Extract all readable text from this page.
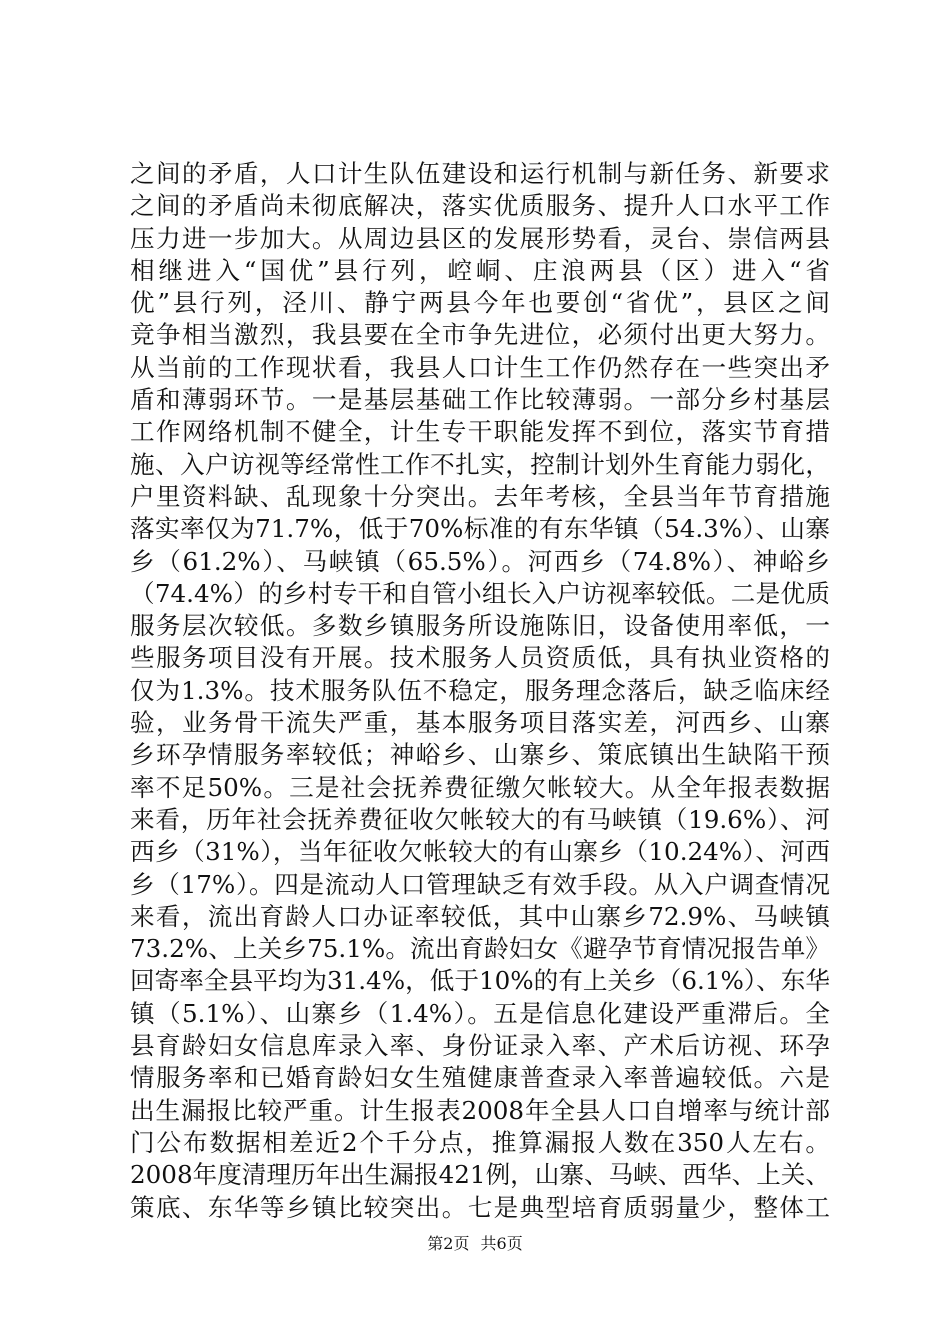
之间的矛盾，人口计生队伍建设和运行机制与新任务、新要求
之间的矛盾尚未彻底解决，落实优质服务、提升人口水平工作
压力进一步加大。从周边县区的发展形势看，灵台、崇信两县
相继进入“国优”县行列，崆峒、庄浪两县（区）进入“省
优”县行列，泾川、静宁两县今年也要创“省优”，县区之间
竞争相当激烈，我县要在全市争先进位，必须付出更大努力。
从当前的工作现状看，我县人口计生工作仍然存在一些突出矛
盾和薄弱环节。一是基层基础工作比较薄弱。一部分乡村基层
工作网络机制不健全，计生专干职能发挥不到位，落实节育措
施、入户访视等经常性工作不扎实，控制计划外生育能力弱化，
户里资料缺、乱现象十分突出。去年考核，全县当年节育措施
落实率仅为71.7%，低于70%标准的有东华镇（54.3%）、山寨
乡（61.2%）、马峡镇（65.5%）。河西乡（74.8%）、神峪乡
（74.4%）的乡村专干和自管小组长入户访视率较低。二是优质
服务层次较低。多数乡镇服务所设施陈旧，设备使用率低，一
些服务项目没有开展。技术服务人员资质低，具有执业资格的
仅为1.3%。技术服务队伍不稳定，服务理念落后，缺乏临床经
验，业务骨干流失严重，基本服务项目落实差，河西乡、山寨
乡环孕情服务率较低；神峪乡、山寨乡、策底镇出生缺陷干预
率不足50%。三是社会抚养费征缴欠帐较大。从全年报表数据
来看，历年社会抚养费征收欠帐较大的有马峡镇（19.6%）、河
西乡（31%），当年征收欠帐较大的有山寨乡（10.24%）、河西
乡（17%）。四是流动人口管理缺乏有效手段。从入户调查情况
来看，流出育龄人口办证率较低，其中山寨乡72.9%、马峡镇
73.2%、上关乡75.1%。流出育龄妇女《避孕节育情况报告单》
回寄率全县平均为31.4%，低于10%的有上关乡（6.1%）、东华
镇（5.1%）、山寨乡（1.4%）。五是信息化建设严重滞后。全
县育龄妇女信息库录入率、身份证录入率、产术后访视、环孕
情服务率和已婚育龄妇女生殖健康普查录入率普遍较低。六是
出生漏报比较严重。计生报表2008年全县人口自增率与统计部
门公布数据相差近2个千分点，推算漏报人数在350人左右。
2008年度清理历年出生漏报421例，山寨、马峡、西华、上关、
策底、东华等乡镇比较突出。七是典型培育质弱量少，整体工
第2页 共6页
